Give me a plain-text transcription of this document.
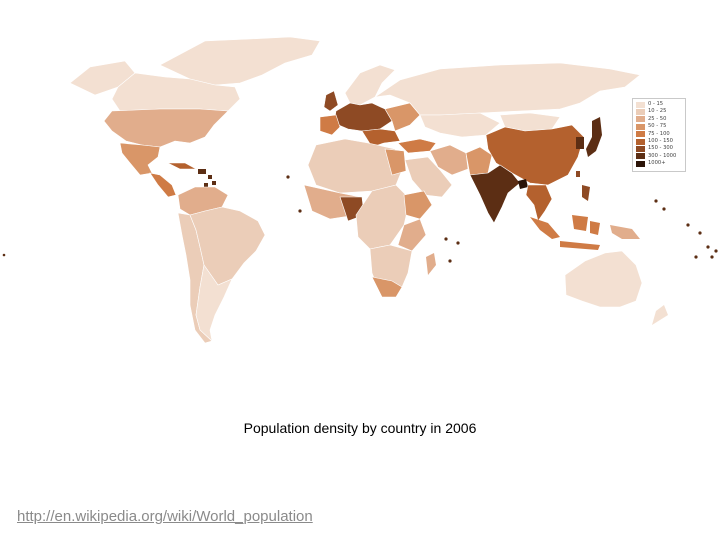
0 - 15
10 - 25
25 - 50
50 - 75
75 - 100
100 - 150
150 - 300
300 - 1000
1000+
Population density by country in 2006
http://en.wikipedia.org/wiki/World_population
